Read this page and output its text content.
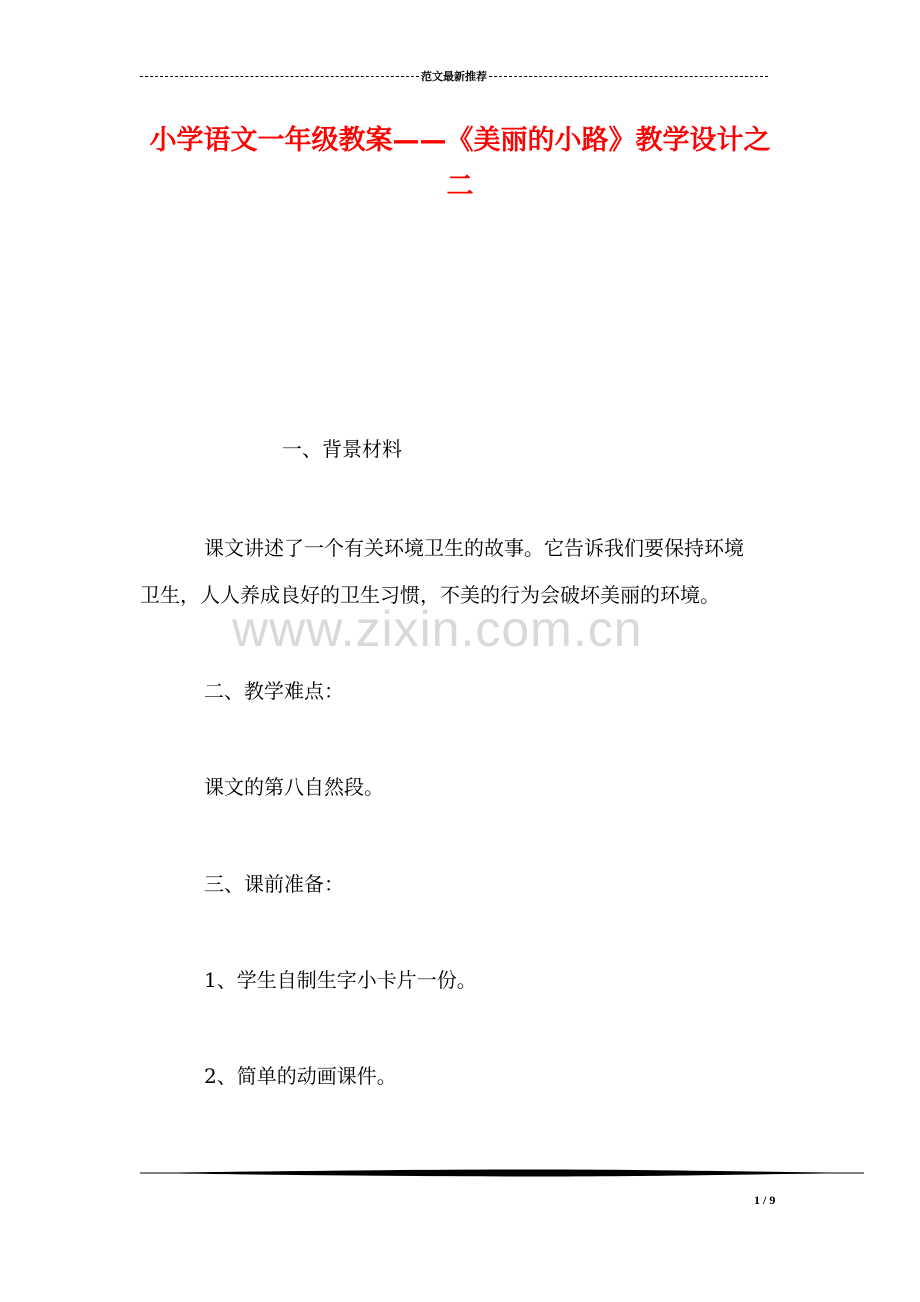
范文最新推荐
小学语文一年级教案——《美丽的小路》教学设计之
二
一、背景材料
课文讲述了一个有关环境卫生的故事。它告诉我们要保持环境
卫生，人人养成良好的卫生习惯，不美的行为会破坏美丽的环境。
www.zixin.com.cn
二、教学难点：
课文的第八自然段。
三、课前准备：
1、学生自制生字小卡片一份。
2、简单的动画课件。
1 / 9
